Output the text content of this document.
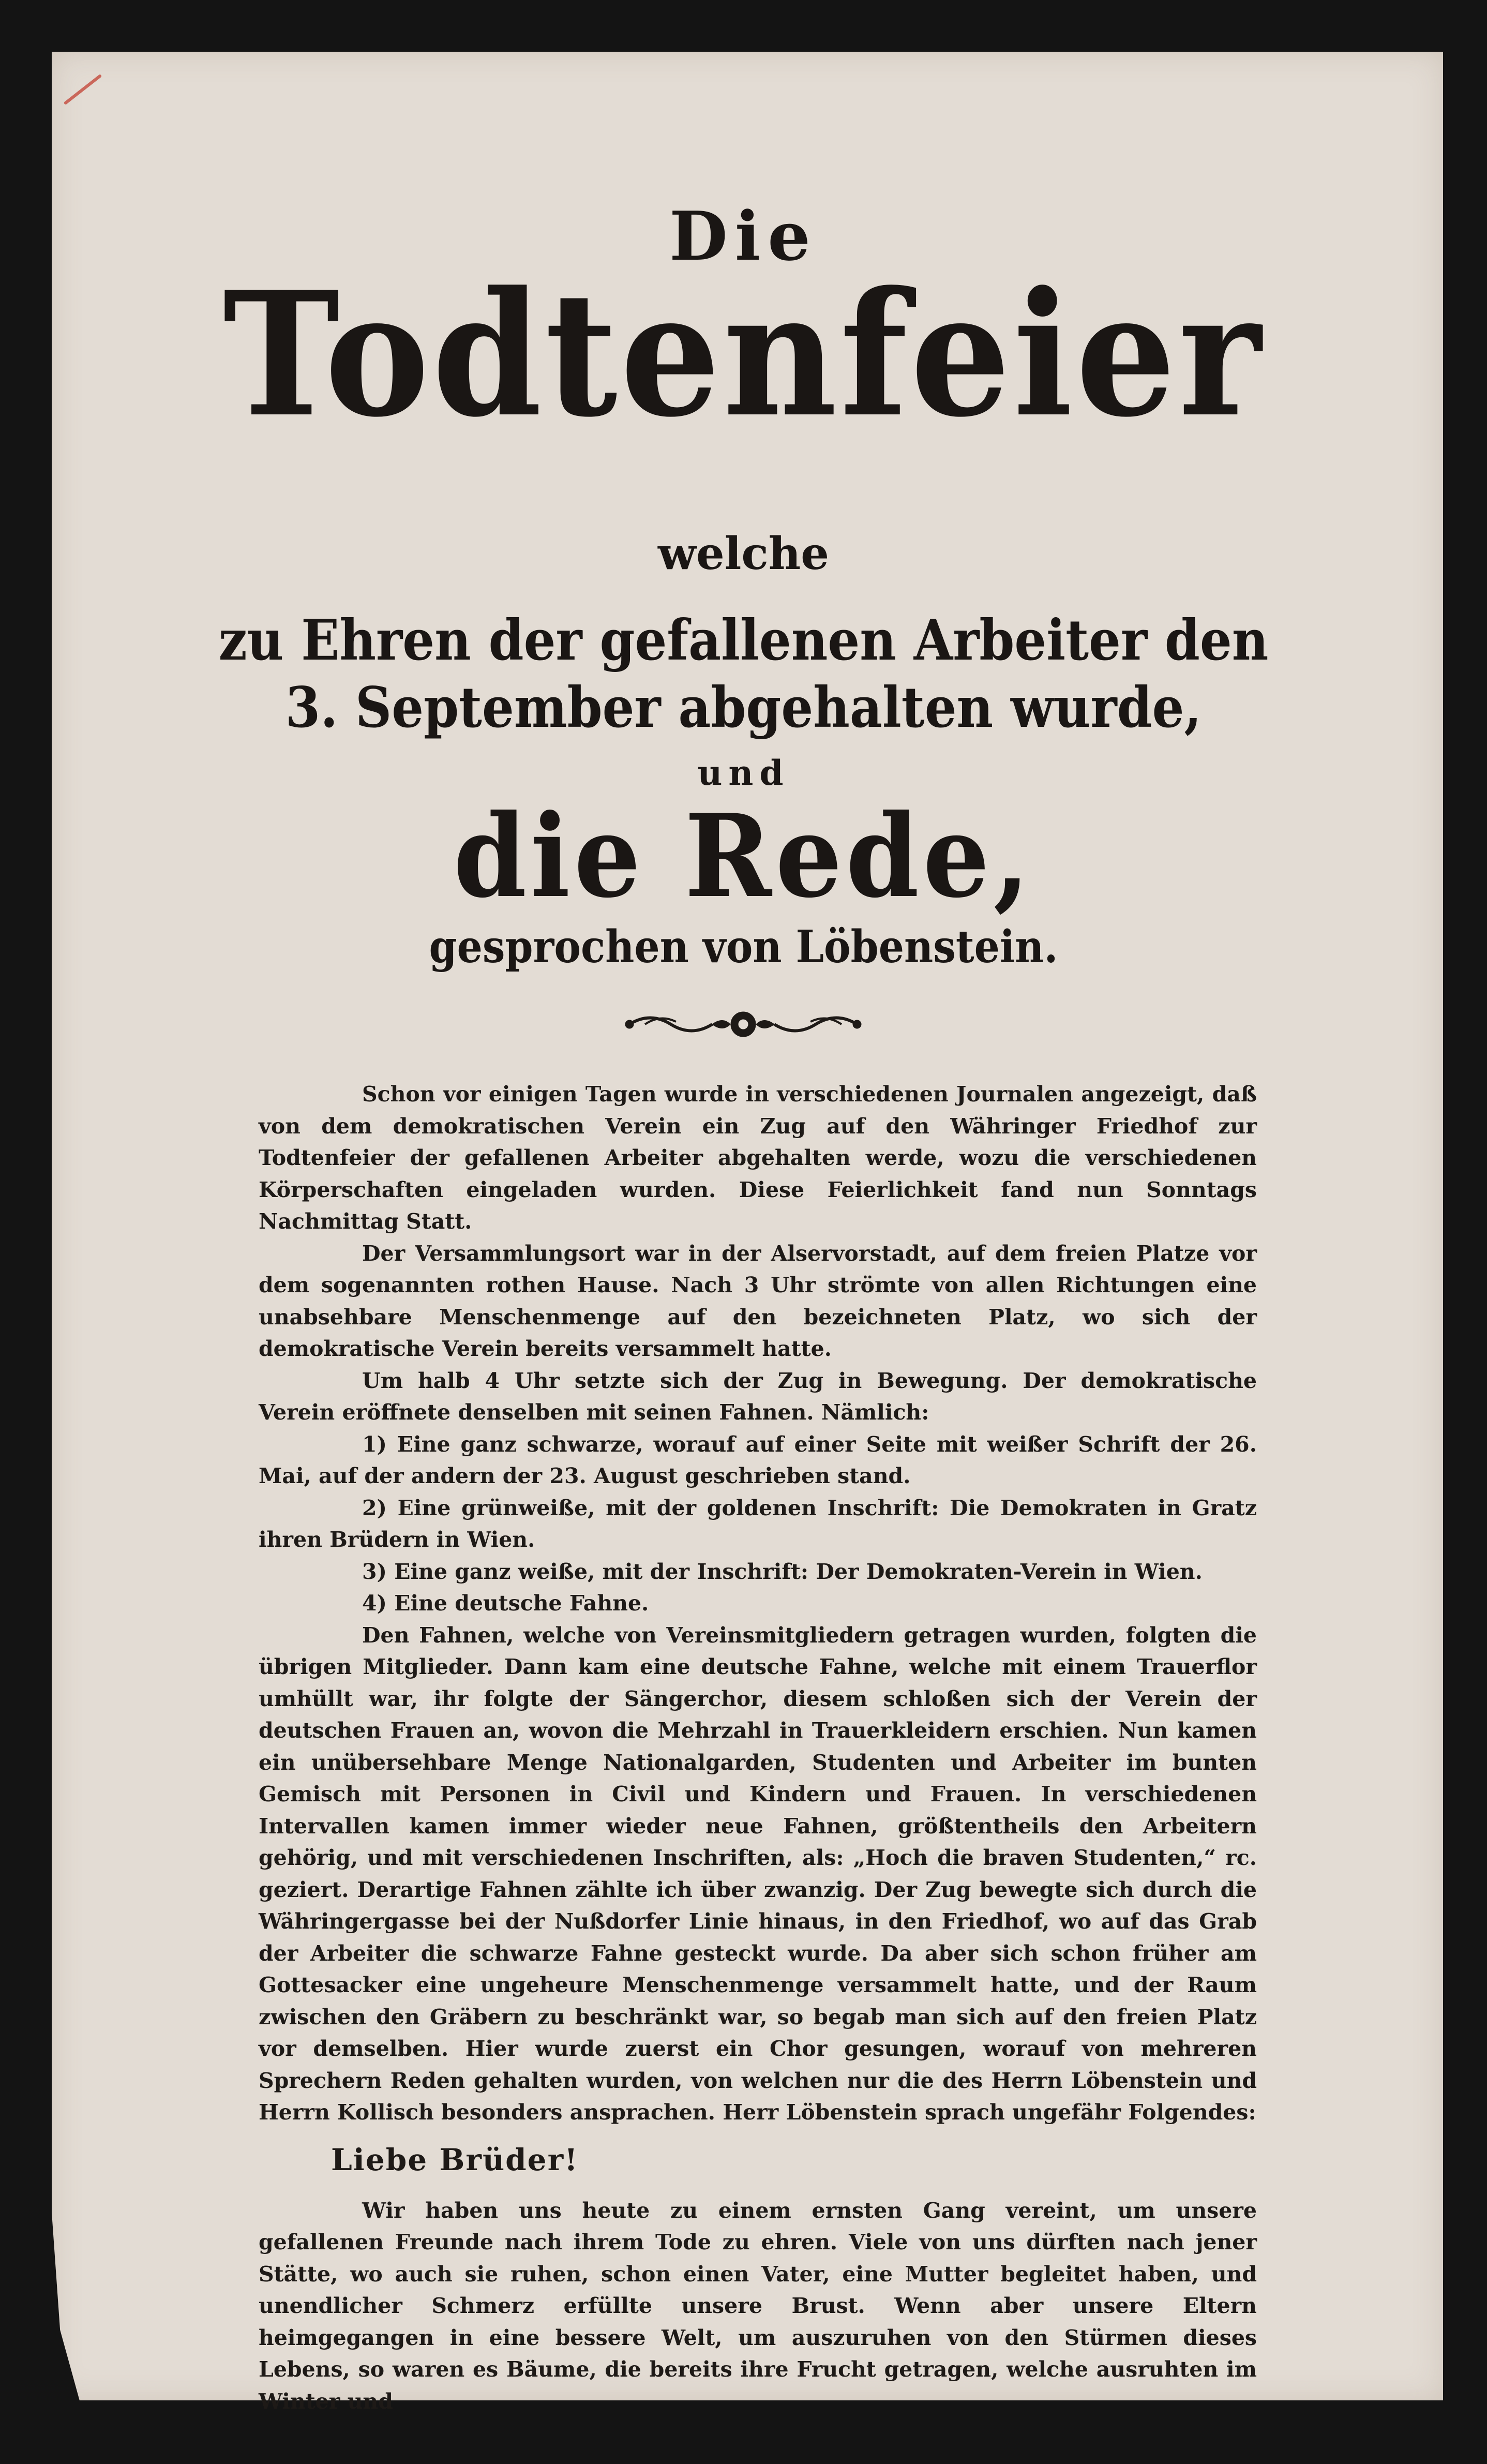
Die
Todtenfeier
welche
zu Ehren der gefallenen Arbeiter den
3. September abgehalten wurde,
und
die Rede,
gesprochen von Löbenstein.

Schon vor einigen Tagen wurde in verschiedenen Journalen angezeigt, daß von dem demokratischen Verein ein Zug auf den Währinger Friedhof zur Todtenfeier der gefallenen Arbeiter abgehalten werde, wozu die verschiedenen Körperschaften eingeladen wurden. Diese Feierlichkeit fand nun Sonntags Nachmittag Statt.

Der Versammlungsort war in der Alservorstadt, auf dem freien Platze vor dem sogenannten rothen Hause. Nach 3 Uhr strömte von allen Richtungen eine unabsehbare Menschenmenge auf den bezeichneten Platz, wo sich der demokratische Verein bereits versammelt hatte.

Um halb 4 Uhr setzte sich der Zug in Bewegung. Der demokratische Verein eröffnete denselben mit seinen Fahnen. Nämlich:

1) Eine ganz schwarze, worauf auf einer Seite mit weißer Schrift der 26. Mai, auf der andern der 23. August geschrieben stand.

2) Eine grünweiße, mit der goldenen Inschrift: Die Demokraten in Gratz ihren Brüdern in Wien.

3) Eine ganz weiße, mit der Inschrift: Der Demokraten-Verein in Wien.

4) Eine deutsche Fahne.

Den Fahnen, welche von Vereinsmitgliedern getragen wurden, folgten die übrigen Mitglieder. Dann kam eine deutsche Fahne, welche mit einem Trauerflor umhüllt war, ihr folgte der Sängerchor, diesem schloßen sich der Verein der deutschen Frauen an, wovon die Mehrzahl in Trauerkleidern erschien. Nun kamen ein unübersehbare Menge Nationalgarden, Studenten und Arbeiter im bunten Gemisch mit Personen in Civil und Kindern und Frauen. In verschiedenen Intervallen kamen immer wieder neue Fahnen, größtentheils den Arbeitern gehörig, und mit verschiedenen Inschriften, als: „Hoch die braven Studenten,“ rc. geziert. Derartige Fahnen zählte ich über zwanzig. Der Zug bewegte sich durch die Währingergasse bei der Nußdorfer Linie hinaus, in den Friedhof, wo auf das Grab der Arbeiter die schwarze Fahne gesteckt wurde. Da aber sich schon früher am Gottesacker eine ungeheure Menschenmenge versammelt hatte, und der Raum zwischen den Gräbern zu beschränkt war, so begab man sich auf den freien Platz vor demselben. Hier wurde zuerst ein Chor gesungen, worauf von mehreren Sprechern Reden gehalten wurden, von welchen nur die des Herrn Löbenstein und Herrn Kollisch besonders ansprachen. Herr Löbenstein sprach ungefähr Folgendes:

Liebe Brüder!

Wir haben uns heute zu einem ernsten Gang vereint, um unsere gefallenen Freunde nach ihrem Tode zu ehren. Viele von uns dürften nach jener Stätte, wo auch sie ruhen, schon einen Vater, eine Mutter begleitet haben, und unendlicher Schmerz erfüllte unsere Brust. Wenn aber unsere Eltern heimgegangen in eine bessere Welt, um auszuruhen von den Stürmen dieses Lebens, so waren es Bäume, die bereits ihre Frucht getragen, welche ausruhten im Winter und
